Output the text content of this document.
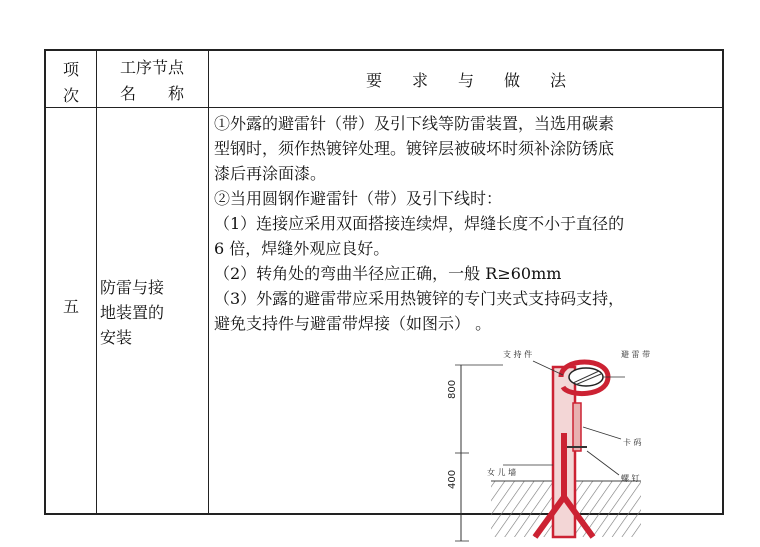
项
次
工序节点
名 称
要 求 与 做 法
五
防雷与接
地装置的
安装

①外露的避雷针（带）及引下线等防雷装置，当选用碳素

型钢时，须作热镀锌处理。镀锌层被破坏时须补涂防锈底

漆后再涂面漆。

②当用圆钢作避雷针（带）及引下线时：

（1）连接应采用双面搭接连续焊，焊缝长度不小于直径的

6 倍，焊缝外观应良好。

（2）转角处的弯曲半径应正确，一般 R≥60mm

（3）外露的避雷带应采用热镀锌的专门夹式支持码支持，

避免支持件与避雷带焊接（如图示） 。

800
400
支 持 件	避 雷 带
卡 码
女 儿 墙
螺 钉
